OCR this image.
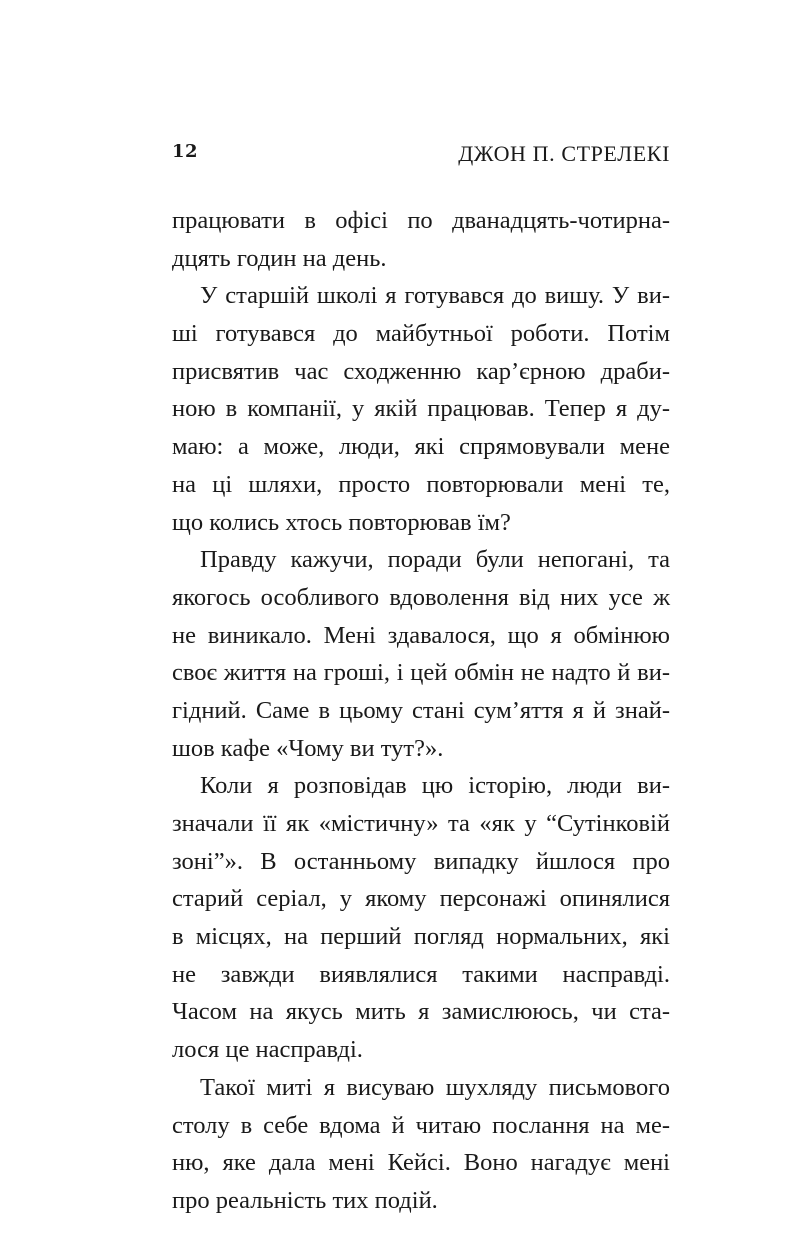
12	ДЖОН П. СТРЕЛЕКІ
працювати в офісі по дванадцять-чотирна-
дцять годин на день.
У старшій школі я готувався до вишу. У ви-
ші готувався до майбутньої роботи. Потім
присвятив час сходженню кар’єрною драби-
ною в компанії, у якій працював. Тепер я ду-
маю: а може, люди, які спрямовували мене
на ці шляхи, просто повторювали мені те,
що колись хтось повторював їм?
Правду кажучи, поради були непогані, та
якогось особливого вдоволення від них усе ж
не виникало. Мені здавалося, що я обмінюю
своє життя на гроші, і цей обмін не надто й ви-
гідний. Саме в цьому стані сум’яття я й знай-
шов кафе «Чому ви тут?».
Коли я розповідав цю історію, люди ви-
значали її як «містичну» та «як у “Сутінковій
зоні”». В останньому випадку йшлося про
старий серіал, у якому персонажі опинялися
в місцях, на перший погляд нормальних, які
не завжди виявлялися такими насправді.
Часом на якусь мить я замислююсь, чи ста-
лося це насправді.
Такої миті я висуваю шухляду письмового
столу в себе вдома й читаю послання на ме-
ню, яке дала мені Кейсі. Воно нагадує мені
про реальність тих подій.
